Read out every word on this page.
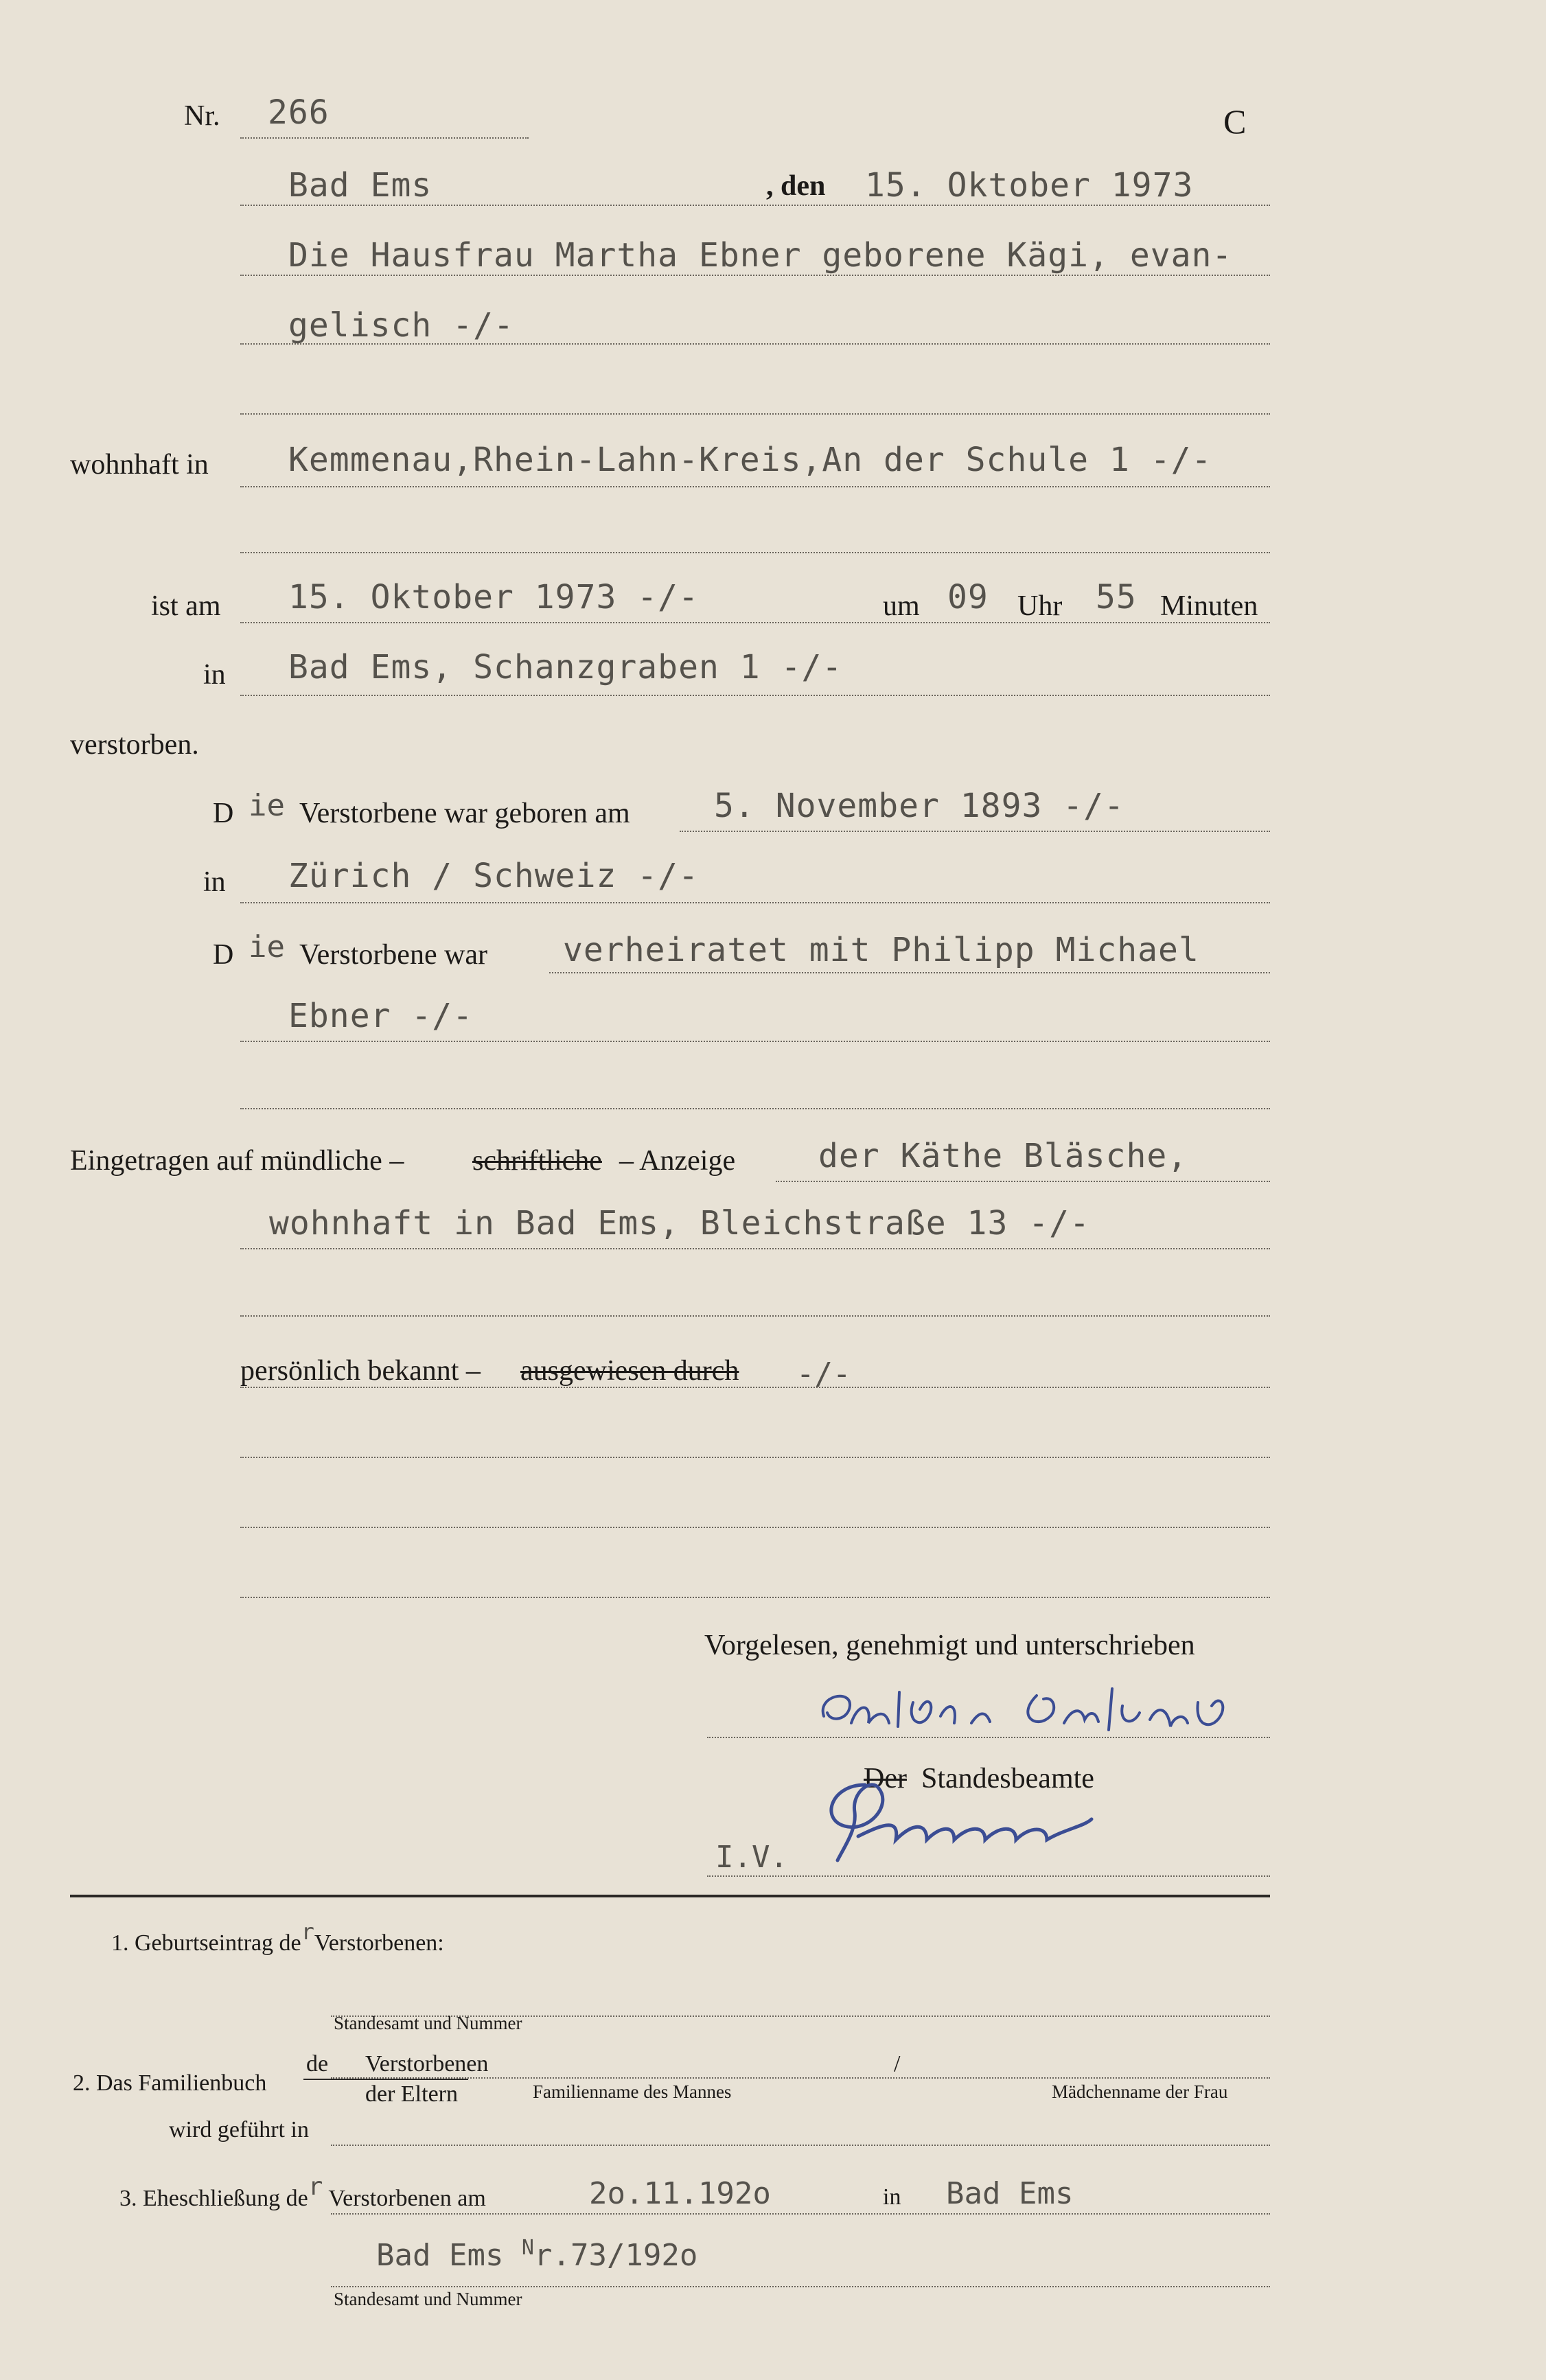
Nr. 266	C
Bad Ems	, den 15. Oktober 1973
Die Hausfrau Martha Ebner geborene Kägi, evan-
gelisch -/-
wohnhaft in Kemmenau,Rhein-Lahn-Kreis,An der Schule 1 -/-
ist am 15. Oktober 1973 -/-	um 09 Uhr 55 Minuten
in Bad Ems, Schanzgraben 1 -/-
verstorben.
D ie Verstorbene war geboren am	5. November 1893 -/-
in Zürich / Schweiz -/-
D ie Verstorbene war verheiratet mit Philipp Michael
Ebner -/-
Eingetragen auf mündliche – schriftliche – Anzeige	der Käthe Bläsche,
wohnhaft in Bad Ems, Bleichstraße 13 -/-
persönlich bekannt – ausgewiesen durch -/-
Vorgelesen, genehmigt und unterschrieben
Der Standesbeamte
I.V.
1. Geburtseintrag derVerstorbenen:
Standesamt und Nummer
2. Das Familienbuch
de Verstorbenen	/
der Eltern	Familienname des Mannes	Mädchenname der Frau
wird geführt in
3. Eheschließung der Verstorbenen am	2o.11.192o	in Bad Ems
Bad Ems $^N$r.73/192o
Standesamt und Nummer
